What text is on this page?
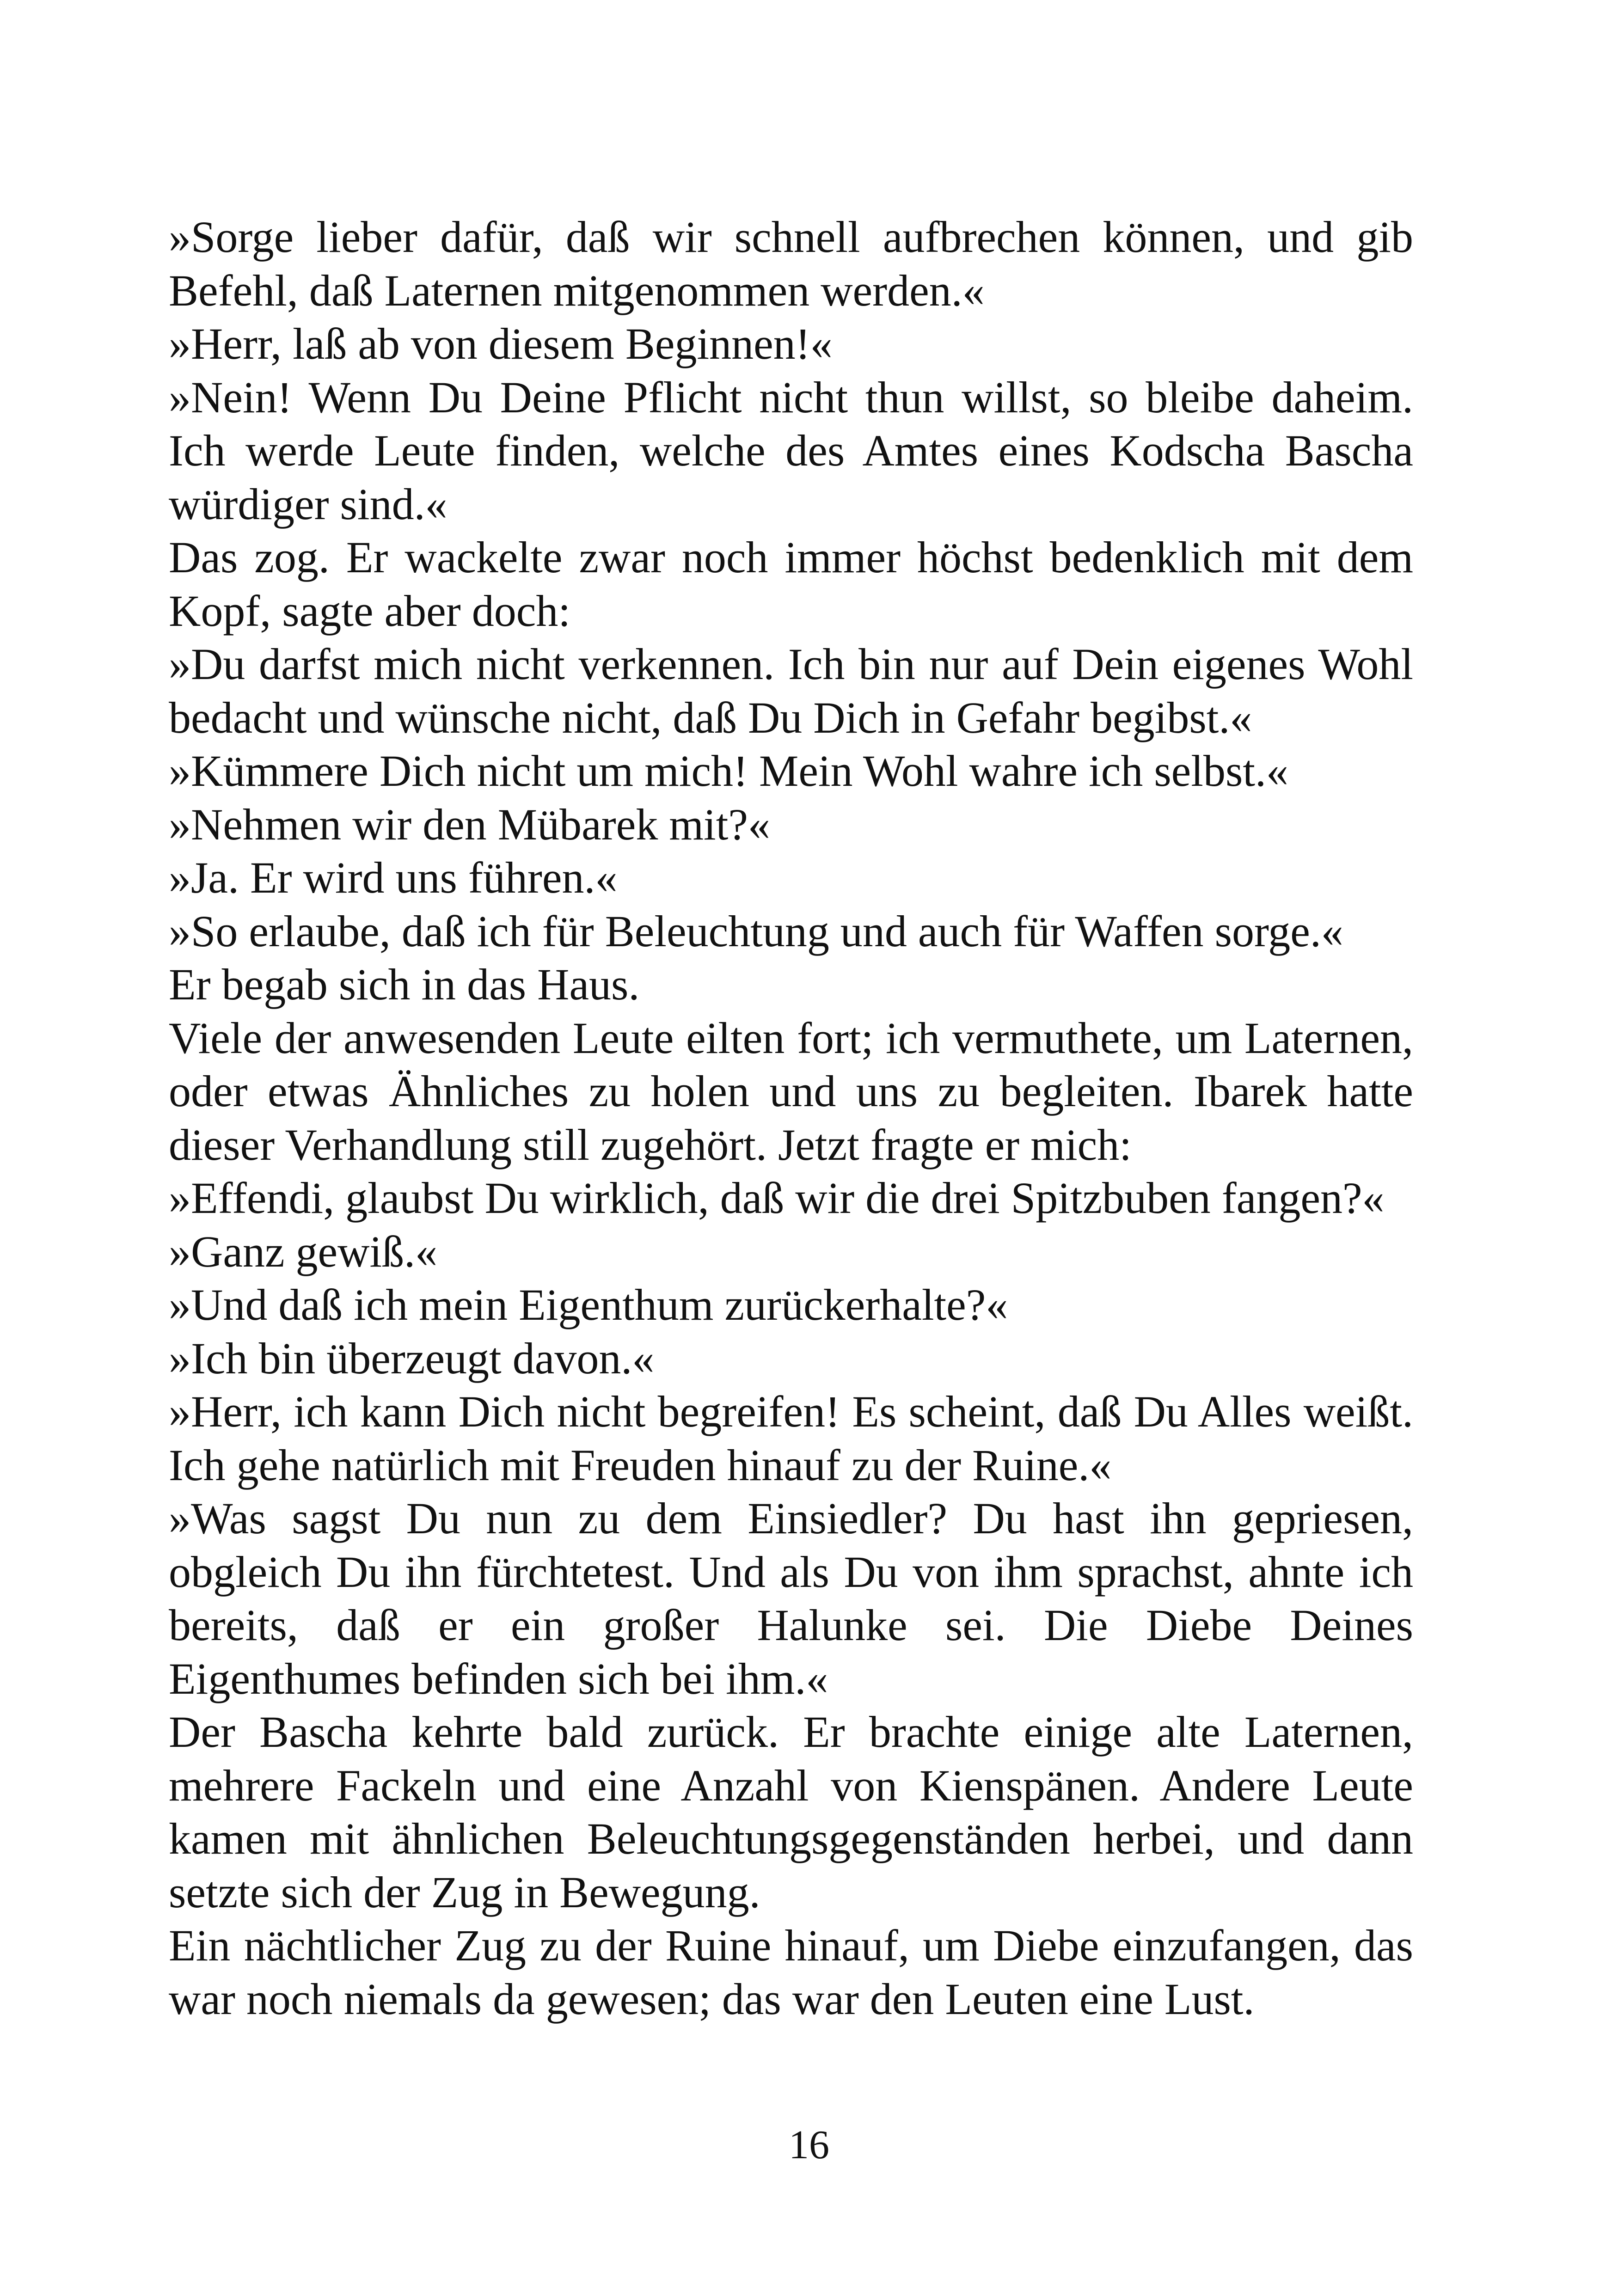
»Sorge lieber dafür, daß wir schnell aufbrechen können, und gib Befehl, daß Laternen mitgenommen werden.«

»Herr, laß ab von diesem Beginnen!«

»Nein! Wenn Du Deine Pflicht nicht thun willst, so bleibe daheim. Ich werde Leute finden, welche des Amtes eines Kodscha Bascha würdiger sind.«

Das zog. Er wackelte zwar noch immer höchst bedenklich mit dem Kopf, sagte aber doch:

»Du darfst mich nicht verkennen. Ich bin nur auf Dein eigenes Wohl bedacht und wünsche nicht, daß Du Dich in Gefahr begibst.«

»Kümmere Dich nicht um mich! Mein Wohl wahre ich selbst.«

»Nehmen wir den Mübarek mit?«

»Ja. Er wird uns führen.«

»So erlaube, daß ich für Beleuchtung und auch für Waffen sorge.«

Er begab sich in das Haus.

Viele der anwesenden Leute eilten fort; ich vermuthete, um Laternen, oder etwas Ähnliches zu holen und uns zu begleiten. Ibarek hatte dieser Verhandlung still zugehört. Jetzt fragte er mich:

»Effendi, glaubst Du wirklich, daß wir die drei Spitzbuben fangen?«

»Ganz gewiß.«

»Und daß ich mein Eigenthum zurückerhalte?«

»Ich bin überzeugt davon.«

»Herr, ich kann Dich nicht begreifen! Es scheint, daß Du Alles weißt. Ich gehe natürlich mit Freuden hinauf zu der Ruine.«

»Was sagst Du nun zu dem Einsiedler? Du hast ihn gepriesen, obgleich Du ihn fürchtetest. Und als Du von ihm sprachst, ahnte ich bereits, daß er ein großer Halunke sei. Die Diebe Deines Eigenthumes befinden sich bei ihm.«

Der Bascha kehrte bald zurück. Er brachte einige alte Laternen, mehrere Fackeln und eine Anzahl von Kienspänen. Andere Leute kamen mit ähnlichen Beleuchtungsgegenständen herbei, und dann setzte sich der Zug in Bewegung.

Ein nächtlicher Zug zu der Ruine hinauf, um Diebe einzufangen, das war noch niemals da gewesen; das war den Leuten eine Lust.

16
